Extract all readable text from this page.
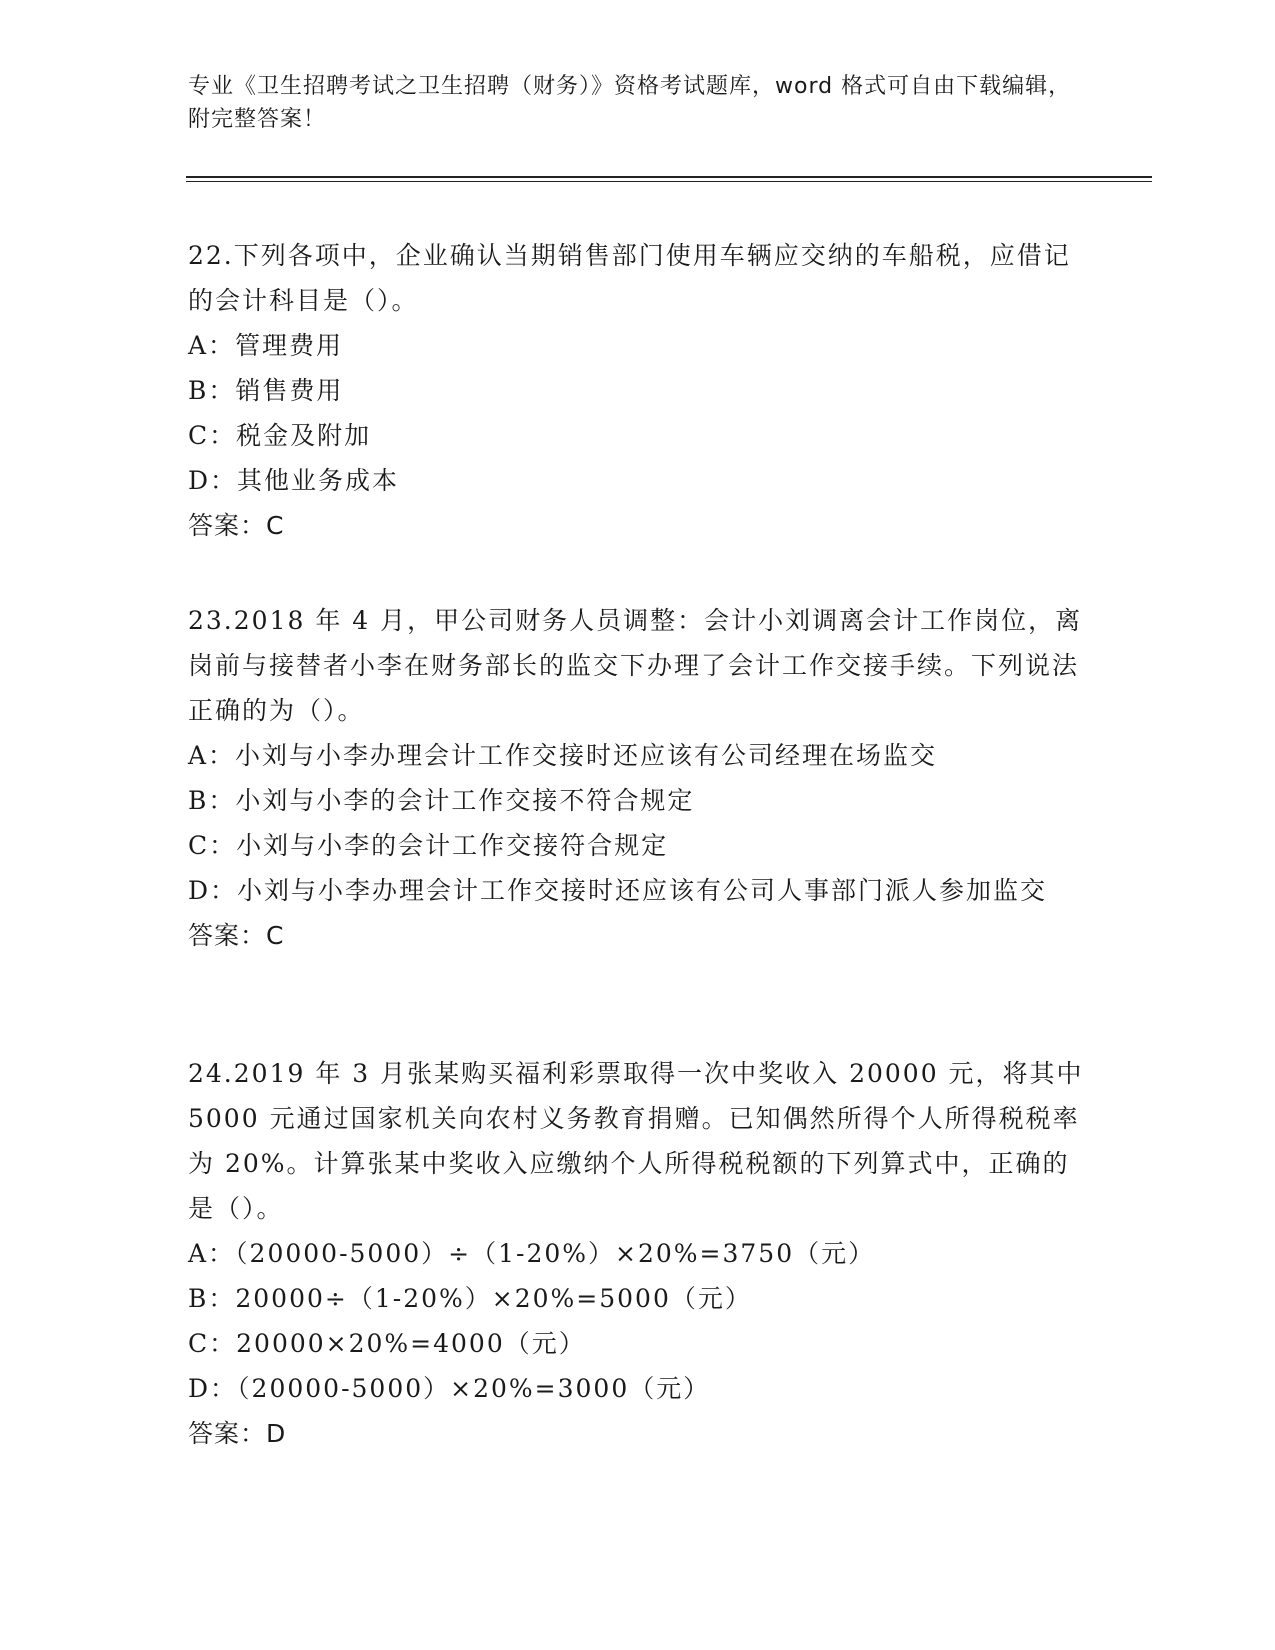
专业《卫生招聘考试之卫生招聘（财务）》资格考试题库，word 格式可自由下载编辑，附完整答案！
22.下列各项中，企业确认当期销售部门使用车辆应交纳的车船税，应借记的会计科目是（）。
A：管理费用
B：销售费用
C：税金及附加
D：其他业务成本
答案：C
23.2018 年 4 月，甲公司财务人员调整：会计小刘调离会计工作岗位，离岗前与接替者小李在财务部长的监交下办理了会计工作交接手续。下列说法正确的为（）。
A：小刘与小李办理会计工作交接时还应该有公司经理在场监交
B：小刘与小李的会计工作交接不符合规定
C：小刘与小李的会计工作交接符合规定
D：小刘与小李办理会计工作交接时还应该有公司人事部门派人参加监交
答案：C
24.2019 年 3 月张某购买福利彩票取得一次中奖收入 20000 元，将其中 5000 元通过国家机关向农村义务教育捐赠。已知偶然所得个人所得税税率为 20%。计算张某中奖收入应缴纳个人所得税税额的下列算式中，正确的是（）。
A：（20000-5000）÷（1-20%）×20%=3750（元）
B：20000÷（1-20%）×20%=5000（元）
C：20000×20%=4000（元）
D：（20000-5000）×20%=3000（元）
答案：D
